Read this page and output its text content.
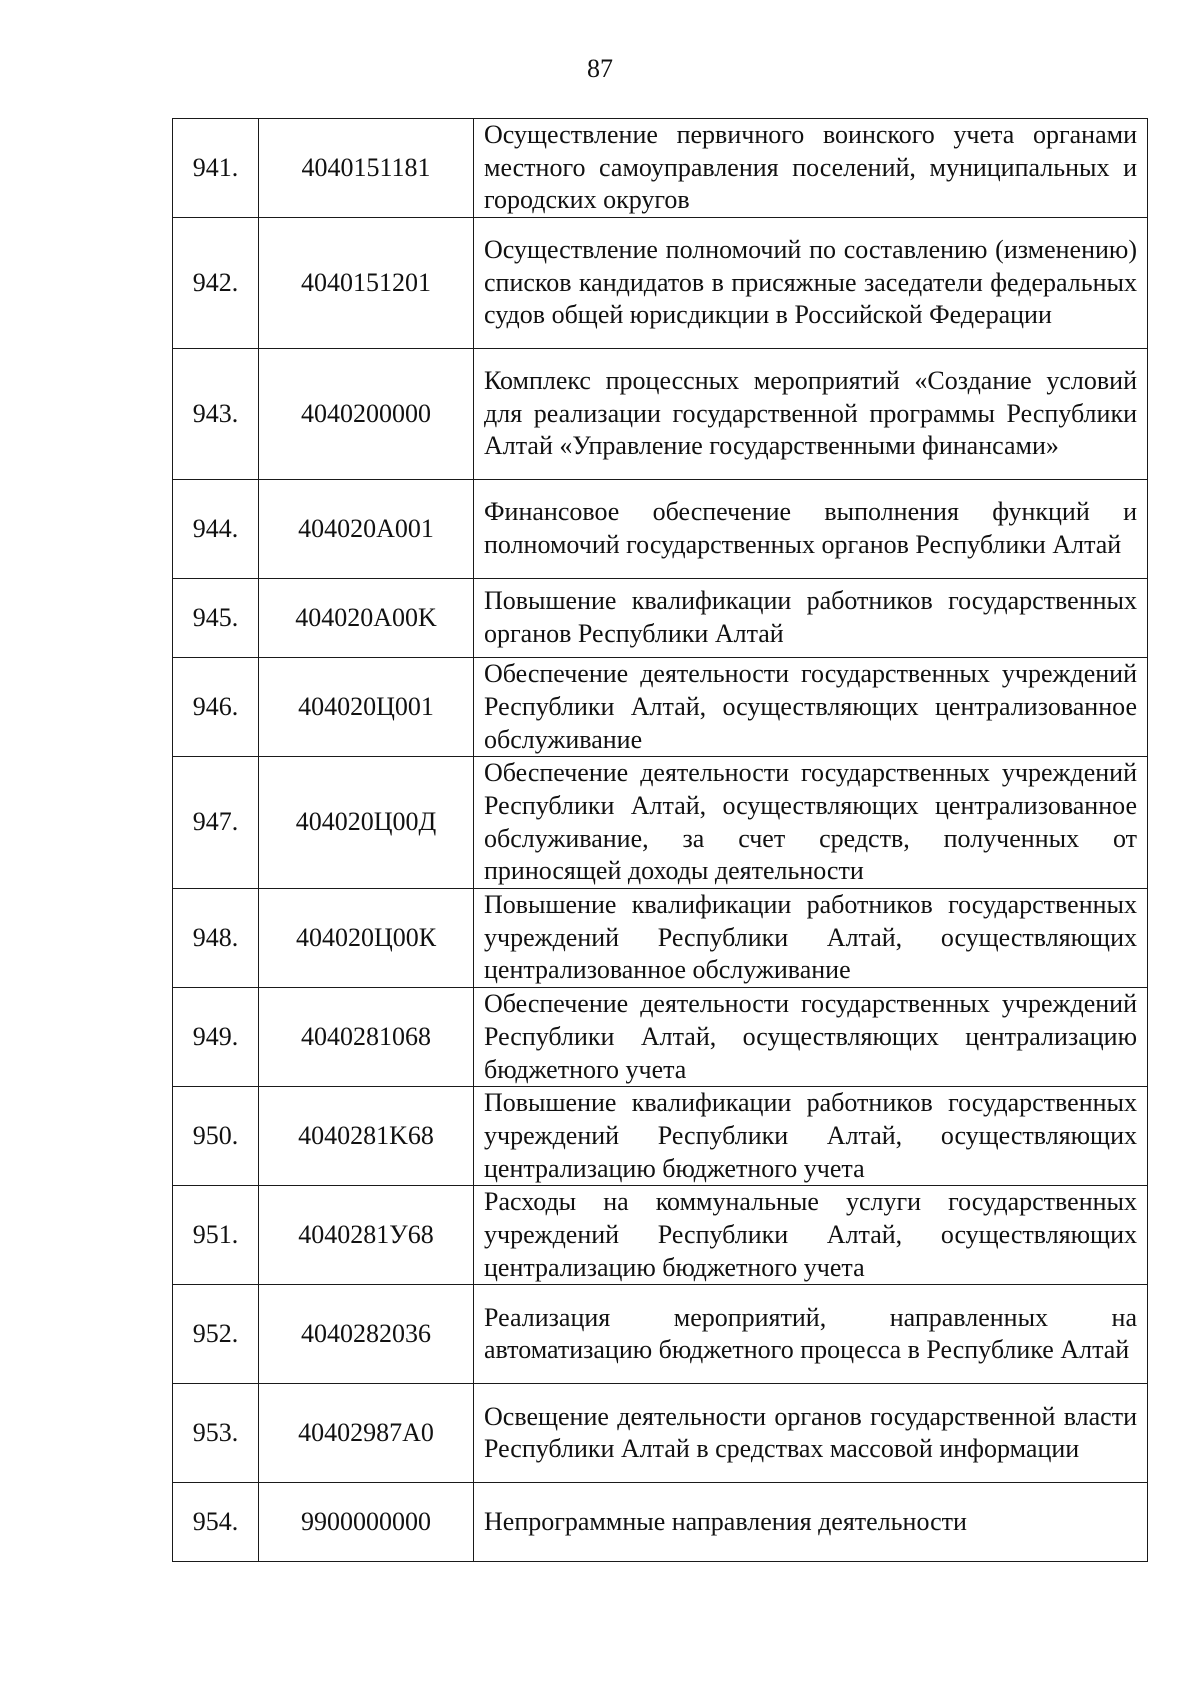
87
941.	4040151181	Осуществление первичного воинского учета органами местного самоуправления поселений, муниципальных и городских округов
942.	4040151201	Осуществление полномочий по составлению (изменению) списков кандидатов в присяжные заседатели федеральных судов общей юрисдикции в Российской Федерации
943.	4040200000	Комплекс процессных мероприятий «Создание условий для реализации государственной программы Республики Алтай «Управление государственными финансами»
944.	404020A001	Финансовое обеспечение выполнения функций и полномочий государственных органов Республики Алтай
945.	404020A00K	Повышение квалификации работников государственных органов Республики Алтай
946.	404020Ц001	Обеспечение деятельности государственных учреждений Республики Алтай, осуществляющих централизованное обслуживание
947.	404020Ц00Д	Обеспечение деятельности государственных учреждений Республики Алтай, осуществляющих централизованное обслуживание, за счет средств, полученных от приносящей доходы деятельности
948.	404020Ц00К	Повышение квалификации работников государственных учреждений Республики Алтай, осуществляющих централизованное обслуживание
949.	4040281068	Обеспечение деятельности государственных учреждений Республики Алтай, осуществляющих централизацию бюджетного учета
950.	4040281K68	Повышение квалификации работников государственных учреждений Республики Алтай, осуществляющих централизацию бюджетного учета
951.	4040281У68	Расходы на коммунальные услуги государственных учреждений Республики Алтай, осуществляющих централизацию бюджетного учета
952.	4040282036	Реализация мероприятий, направленных на автоматизацию бюджетного процесса в Республике Алтай
953.	40402987A0	Освещение деятельности органов государственной власти Республики Алтай в средствах массовой информации
954.	9900000000	Непрограммные направления деятельности
